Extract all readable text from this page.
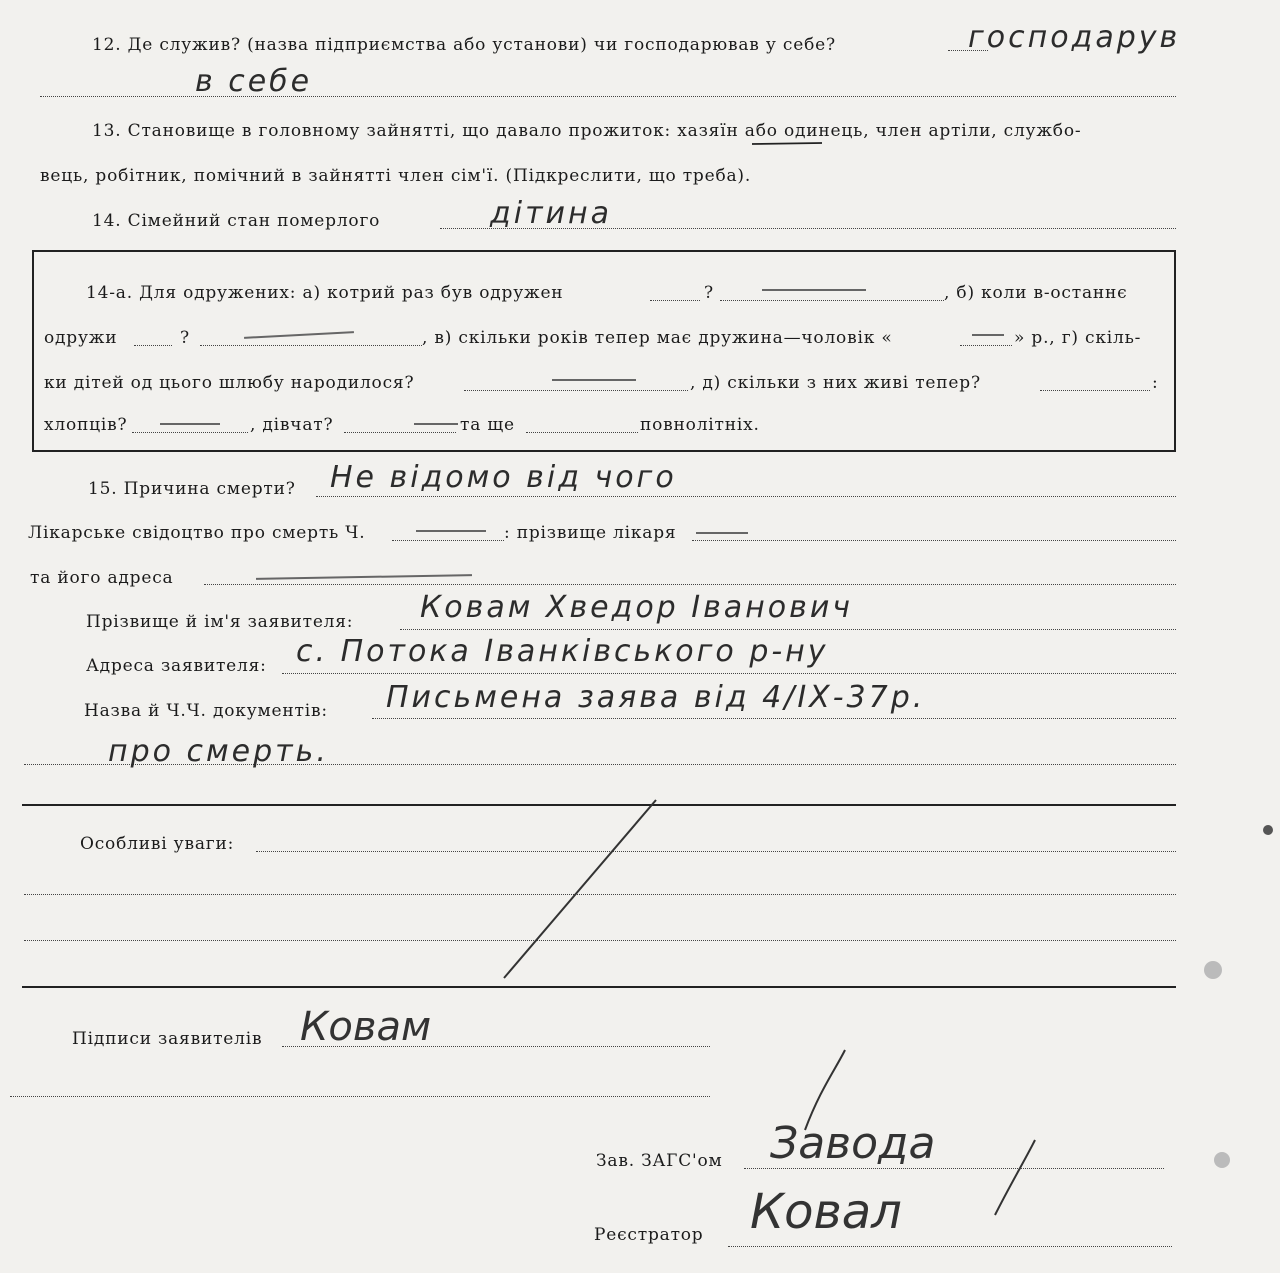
12. Де служив? (назва підприємства або установи) чи господарював у себе?	господарув
в себе
13. Становище в головному зайнятті, що давало прожиток: хазяїн або одинець, член артіли, службо-
вець, робітник, помічний в зайнятті член сім'ї. (Підкреслити, що треба).
14. Сімейний стан померлого	дітина
14-а. Для одружених: а) котрий раз був одружен	?	, б) коли в-останнє
одружи	?	, в) скільки років тепер має дружина—чоловік «	» р., г) скіль-
ки дітей од цього шлюбу народилося?	, д) скільки з них живі тепер?	:
хлопців?	, дівчат?	та ще	повнолітніх.
15. Причина смерти? Не відомо від чого
Лікарське свідоцтво про смерть Ч.	: прізвище лікаря
та його адреса
Прізвище й ім'я заявителя: Ковам Хведор Іванович
Адреса заявителя: с. Потока Іванківського р-ну
Назва й Ч.Ч. документів: Письмена заява від 4/ІХ-37р.
про смерть.
Особливі уваги:
Підписи заявителів Ковам
Зав. ЗАГС'ом Завода
Реєстратор Ковал
